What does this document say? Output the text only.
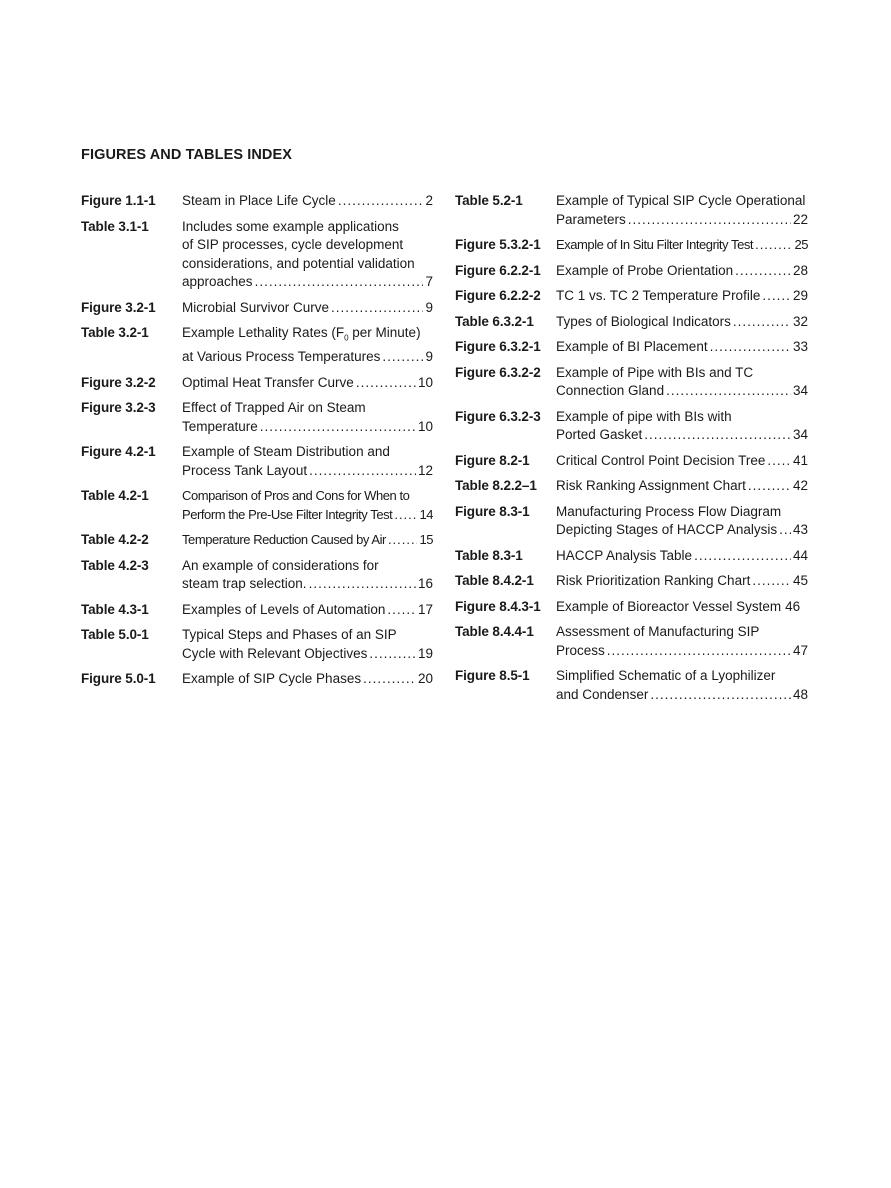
FIGURES AND TABLES INDEX
Figure 1.1-1	Steam in Place Life Cycle .....	2
Table 3.1-1	Includes some example applications
of SIP processes, cycle development
considerations, and potential validation
approaches .....	7
Figure 3.2-1	Microbial Survivor Curve .....	9
Table 3.2-1	Example Lethality Rates ($F_0$ per Minute)
at Various Process Temperatures .....	9
Figure 3.2-2	Optimal Heat Transfer Curve .....	10
Figure 3.2-3	Effect of Trapped Air on Steam
Temperature .....	10
Figure 4.2-1	Example of Steam Distribution and
Process Tank Layout .....	12
Table 4.2-1	Comparison of Pros and Cons for When to
Perform the Pre-Use Filter Integrity Test ..... 14
Table 4.2-2	Temperature Reduction Caused by Air .....	15
Table 4.2-3	An example of considerations for
steam trap selection. .....	16
Table 4.3-1	Examples of Levels of Automation ..... 17
Table 5.0-1	Typical Steps and Phases of an SIP
Cycle with Relevant Objectives .....	19
Figure 5.0-1	Example of SIP Cycle Phases .....	20
Table 5.2-1	Example of Typical SIP Cycle Operational
Parameters .....	22
Figure 5.3.2-1	Example of In Situ Filter Integrity Test .....	25
Figure 6.2.2-1	Example of Probe Orientation .....	28
Figure 6.2.2-2	TC 1 vs. TC 2 Temperature Profile ..... 29
Table 6.3.2-1	Types of Biological Indicators .....	32
Figure 6.3.2-1	Example of BI Placement .....	33
Figure 6.3.2-2	Example of Pipe with BIs and TC
Connection Gland .....	34
Figure 6.3.2-3	Example of pipe with BIs with
Ported Gasket .....	34
Figure 8.2-1	Critical Control Point Decision Tree ..... 41
Table 8.2.2–1	Risk Ranking Assignment Chart .....	42
Figure 8.3-1	Manufacturing Process Flow Diagram
Depicting Stages of HACCP Analysis ..... 43
Table 8.3-1	HACCP Analysis Table .....	44
Table 8.4.2-1	Risk Prioritization Ranking Chart .....	45
Figure 8.4.3-1	Example of Bioreactor Vessel System 46
Table 8.4.4-1	Assessment of Manufacturing SIP
Process .....	47
Figure 8.5-1	Simplified Schematic of a Lyophilizer
and Condenser .....	48
